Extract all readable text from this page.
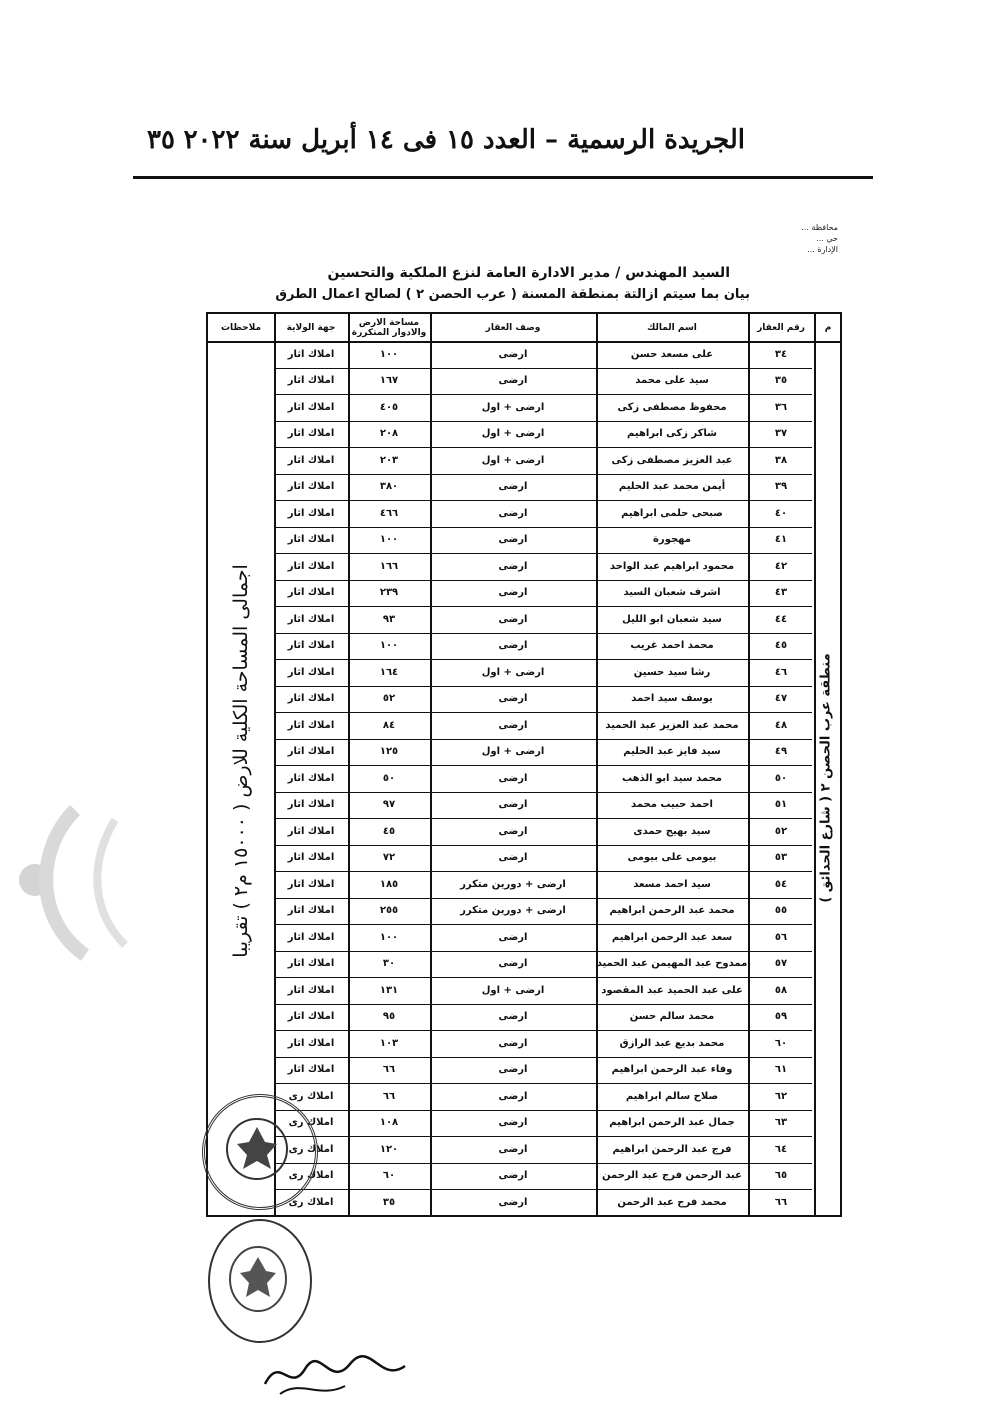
الجريدة الرسمية – العدد ١٥ فى ١٤ أبريل سنة ٢٠٢٢
٣٥
محافظة ...
حي ...
الإدارة ...
السيد المهندس / مدير الادارة العامة لنزع الملكية والتحسين
بيان بما سيتم ازالتة بمنطقة المسنة ( عرب الحصن ٢ ) لصالح اعمال الطرق
م
رقم العقار
اسم المالك
وصف العقار
مساحة الارض والادوار المتكررة
جهة الولاية
ملاحظات
منطقة عرب الحصن ٢ ( شارع الحدائق )
اجمالى المساحة الكلية للارض ( ١٥٠٠٠ م٢ ) تقريبا
٣٤
على مسعد حسن
ارضى
١٠٠
املاك اثار
٣٥
سيد على محمد
ارضى
١٦٧
املاك اثار
٣٦
محفوظ مصطفى زكى
ارضى + اول
٤٠٥
املاك اثار
٣٧
شاكر زكى ابراهيم
ارضى + اول
٢٠٨
املاك اثار
٣٨
عبد العزيز مصطفى زكى
ارضى + اول
٢٠٣
املاك اثار
٣٩
أيمن محمد عبد الحليم
ارضى
٣٨٠
املاك اثار
٤٠
صبحى حلمى ابراهيم
ارضى
٤٦٦
املاك اثار
٤١
مهجورة
ارضى
١٠٠
املاك اثار
٤٢
محمود ابراهيم عبد الواحد
ارضى
١٦٦
املاك اثار
٤٣
اشرف شعبان السيد
ارضى
٢٣٩
املاك اثار
٤٤
سيد شعبان ابو الليل
ارضى
٩٣
املاك اثار
٤٥
محمد احمد غريب
ارضى
١٠٠
املاك اثار
٤٦
رشا سيد حسين
ارضى + اول
١٦٤
املاك اثار
٤٧
يوسف سيد احمد
ارضى
٥٢
املاك اثار
٤٨
محمد عبد العزيز عبد الحميد
ارضى
٨٤
املاك اثار
٤٩
سيد فايز عبد الحليم
ارضى + اول
١٢٥
املاك اثار
٥٠
محمد سيد ابو الذهب
ارضى
٥٠
املاك اثار
٥١
احمد حبيب محمد
ارضى
٩٧
املاك اثار
٥٢
سيد بهيج حمدى
ارضى
٤٥
املاك اثار
٥٣
بيومى على بيومى
ارضى
٧٢
املاك اثار
٥٤
سيد احمد مسعد
ارضى + دورين متكرر
١٨٥
املاك اثار
٥٥
محمد عبد الرحمن ابراهيم
ارضى + دورين متكرر
٢٥٥
املاك اثار
٥٦
سعد عبد الرحمن ابراهيم
ارضى
١٠٠
املاك اثار
٥٧
ممدوح عبد المهيمن عبد الحميد
ارضى
٣٠
املاك اثار
٥٨
على عبد الحميد عبد المقصود
ارضى + اول
١٣١
املاك اثار
٥٩
محمد سالم حسن
ارضى
٩٥
املاك اثار
٦٠
محمد بديع عبد الرازق
ارضى
١٠٣
املاك اثار
٦١
وفاء عبد الرحمن ابراهيم
ارضى
٦٦
املاك اثار
٦٢
صلاح سالم ابراهيم
ارضى
٦٦
املاك رى
٦٣
جمال عبد الرحمن ابراهيم
ارضى
١٠٨
املاك رى
٦٤
فرج عبد الرحمن ابراهيم
ارضى
١٢٠
املاك رى
٦٥
عبد الرحمن فرج عبد الرحمن
ارضى
٦٠
املاك رى
٦٦
محمد فرج عبد الرحمن
ارضى
٣٥
املاك رى
